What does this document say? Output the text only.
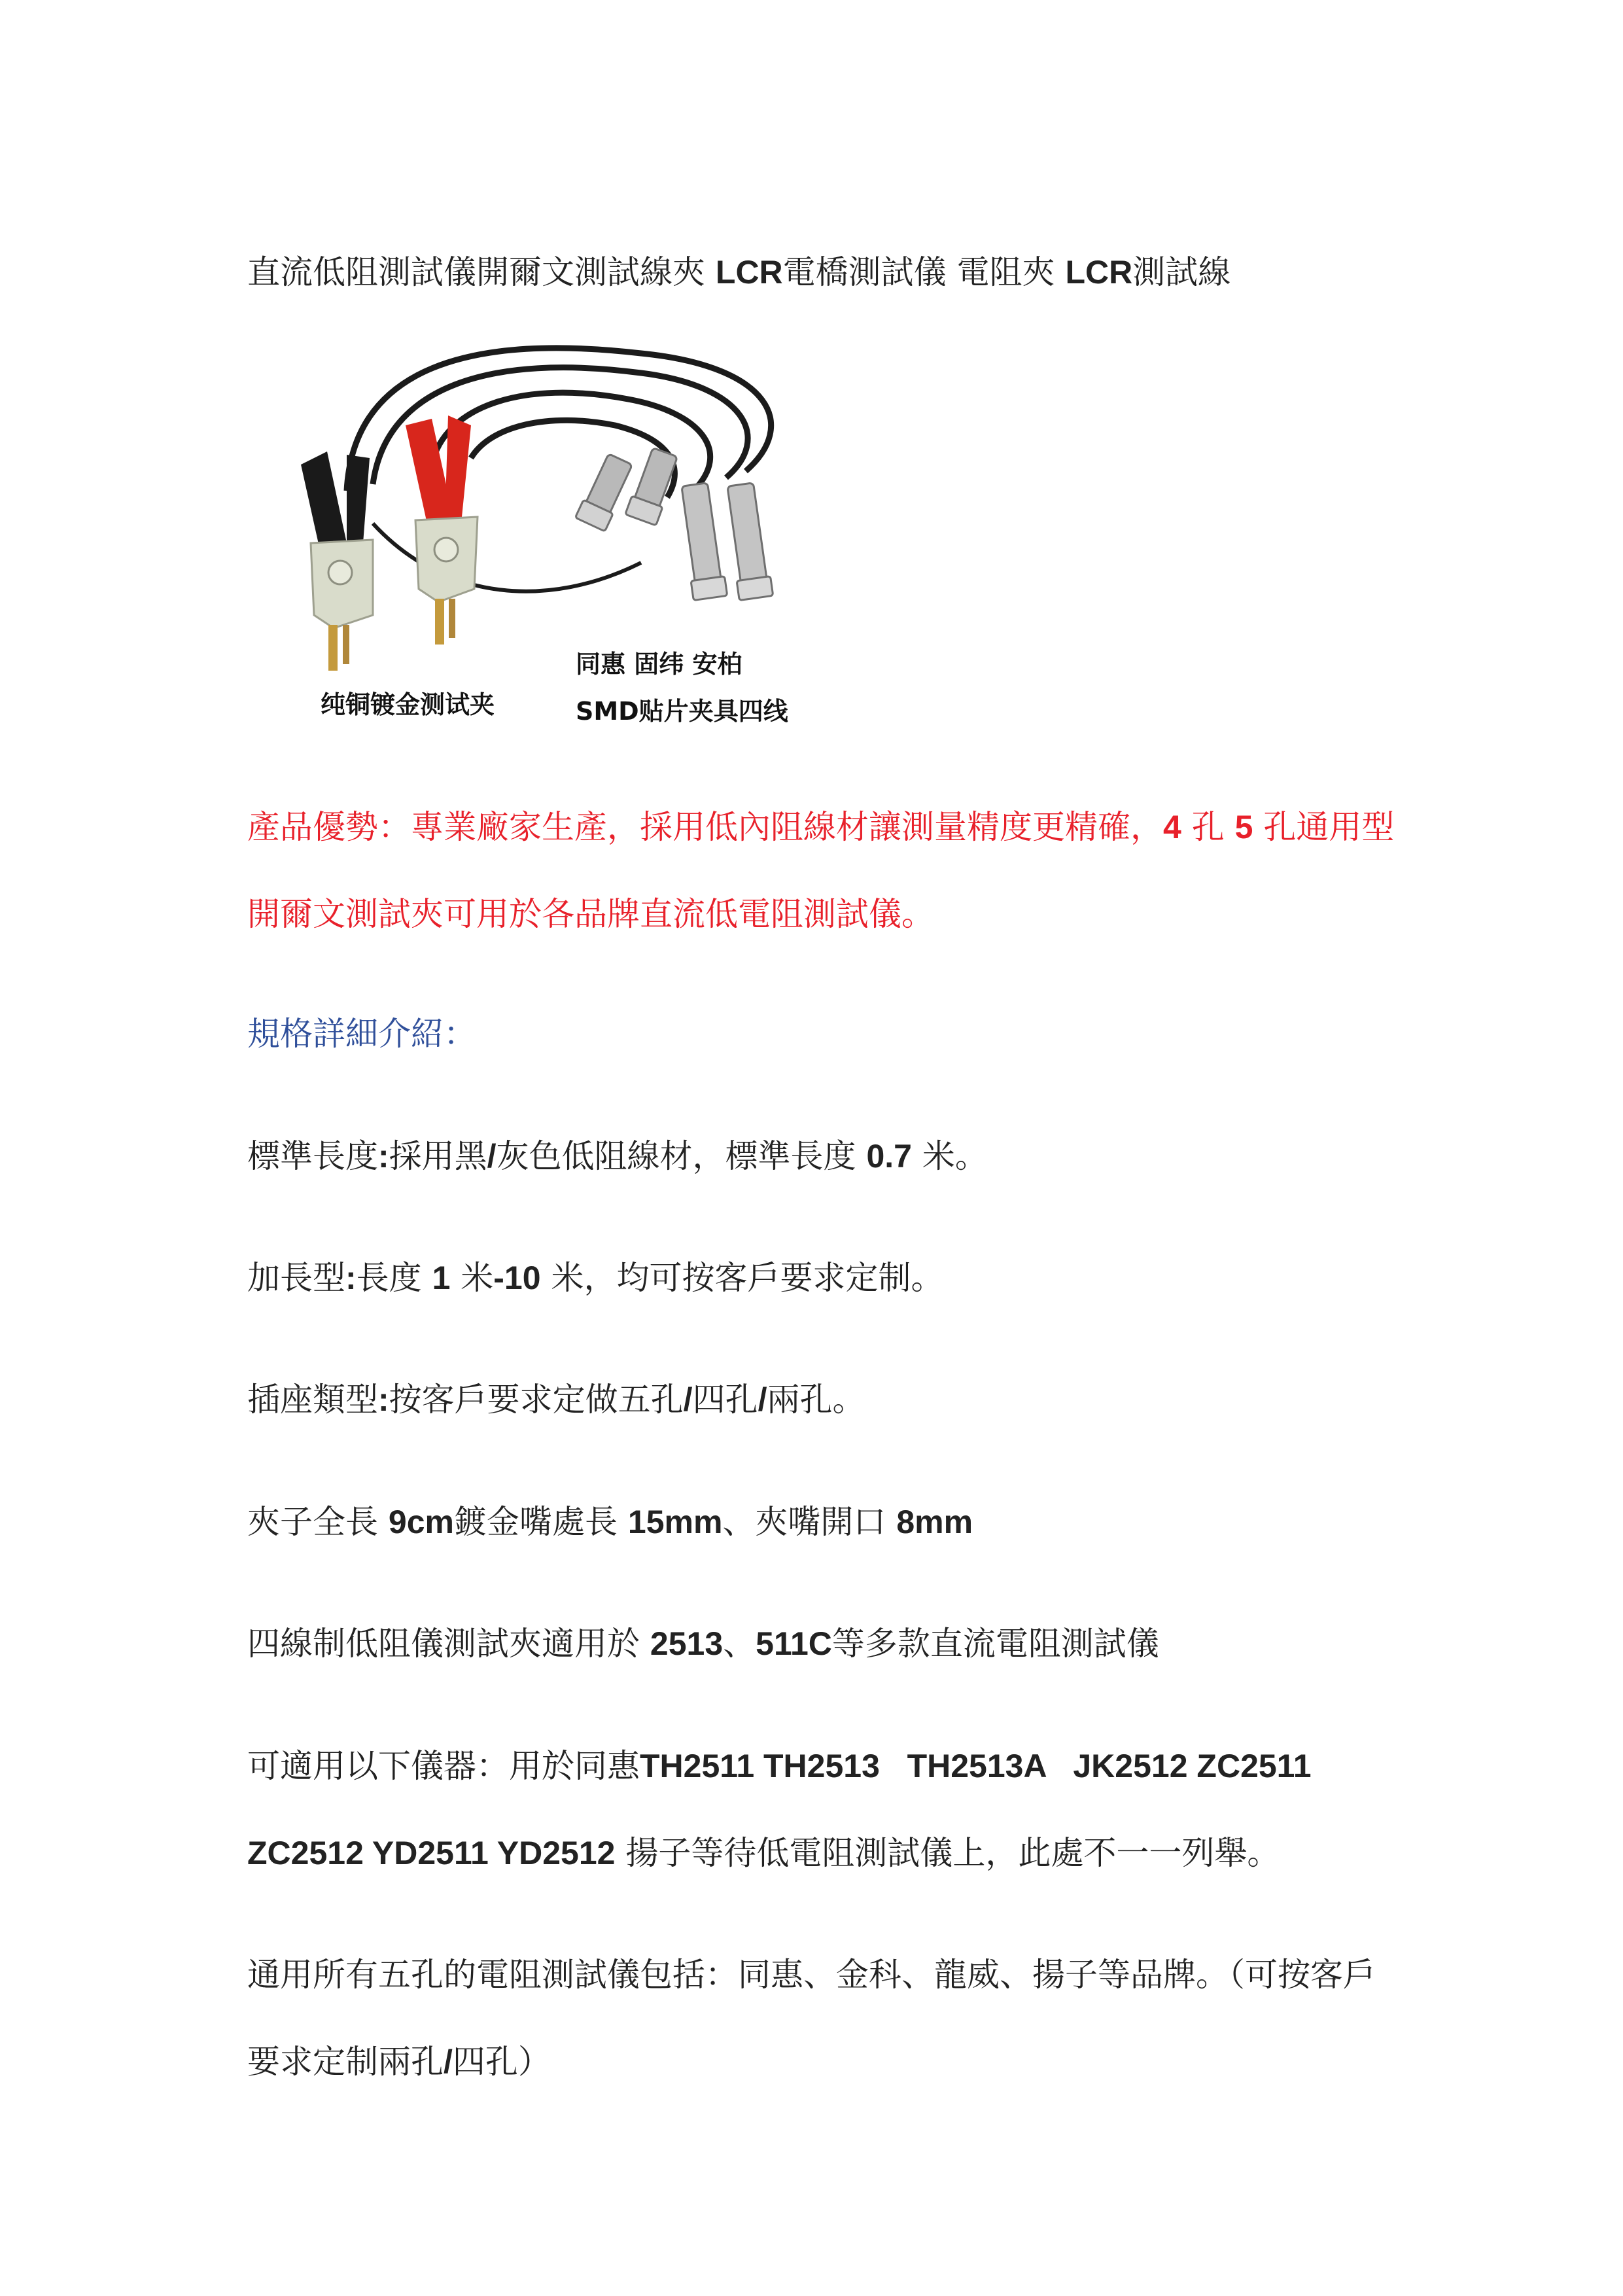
直流低阻測試儀開爾文測試線夾 LCR電橋測試儀 電阻夾 LCR測試線

同惠 固纬 安柏
纯铜镀金测试夹	SMD贴片夹具四线

產品優勢：專業廠家生產，採用低內阻線材讓測量精度更精確，4 孔 5 孔通用型

開爾文測試夾可用於各品牌直流低電阻測試儀。

規格詳細介紹：

標準長度:採用黑/灰色低阻線材，標準長度 0.7 米。

加長型:長度 1 米-10 米，均可按客戶要求定制。

插座類型:按客戶要求定做五孔/四孔/兩孔。

夾子全長 9cm鍍金嘴處長 15mm、夾嘴開口 8mm

四線制低阻儀測試夾適用於 2513、511C等多款直流電阻測試儀

可適用以下儀器：用於同惠TH2511 TH2513   TH2513A   JK2512 ZC2511

ZC2512 YD2511 YD2512 揚子等待低電阻測試儀上，此處不一一列舉。

通用所有五孔的電阻測試儀包括：同惠、金科、龍威、揚子等品牌。（可按客戶

要求定制兩孔/四孔）
